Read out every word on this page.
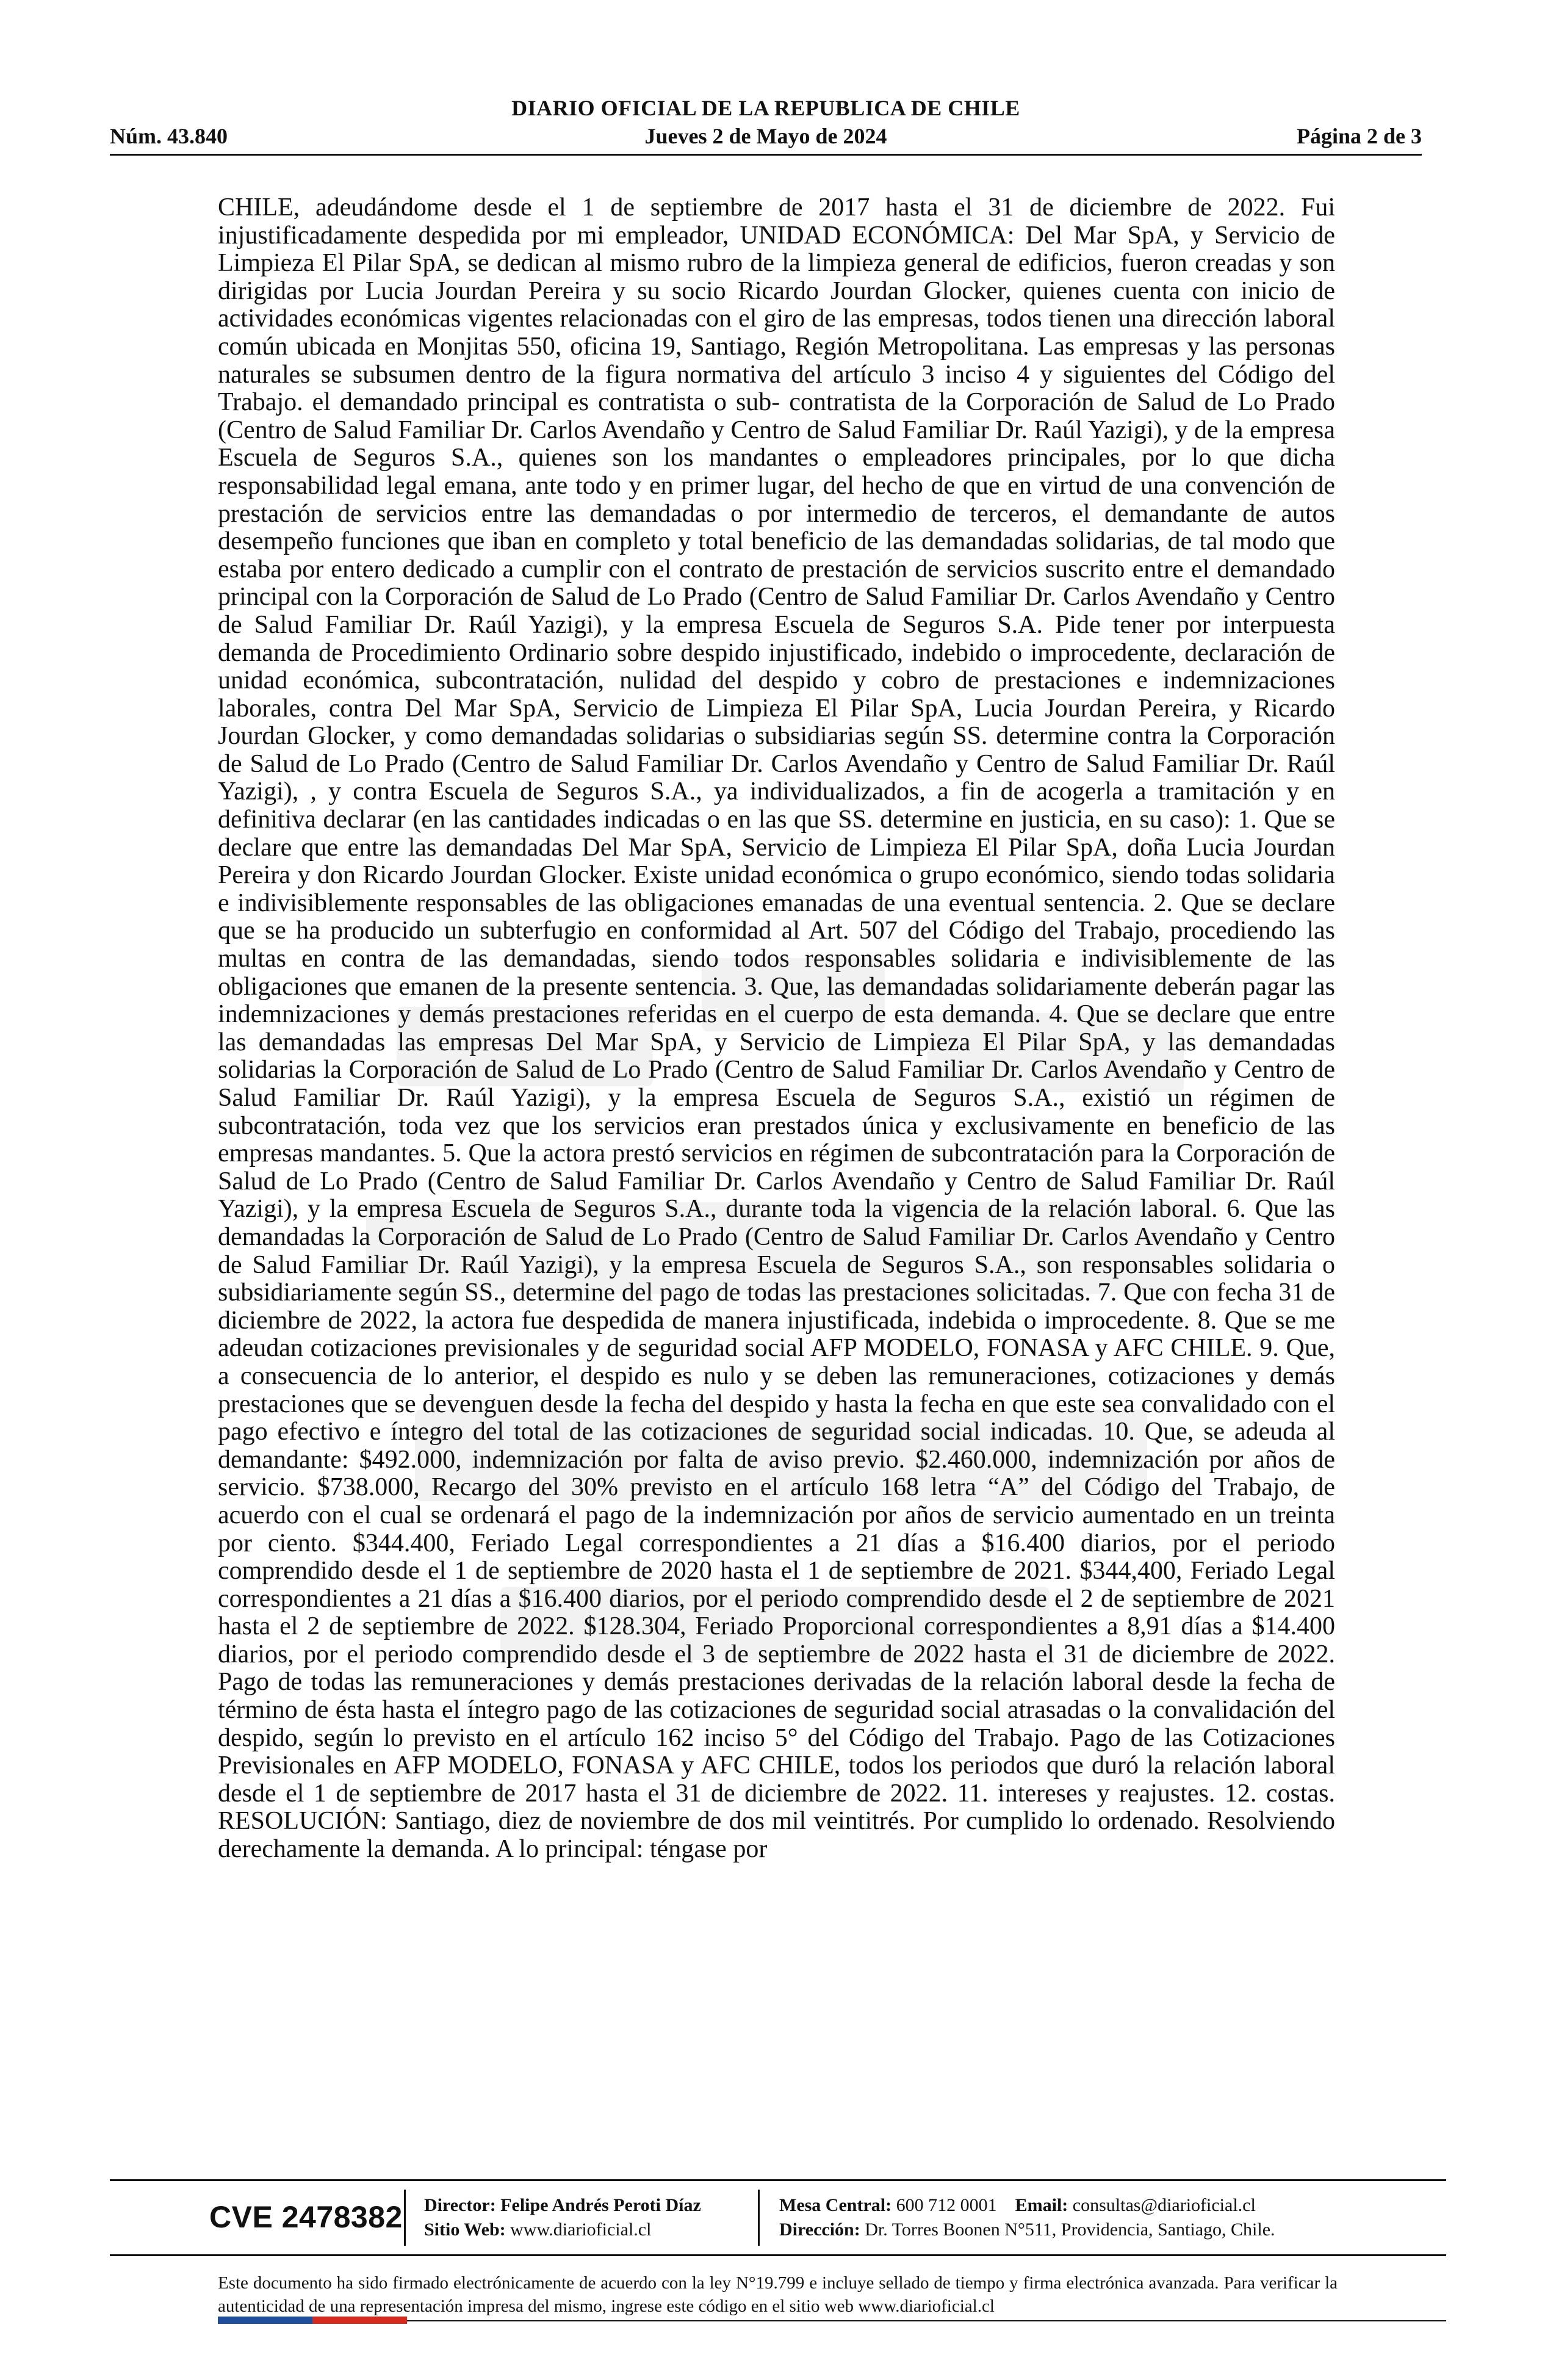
DIARIO OFICIAL DE LA REPUBLICA DE CHILE
Núm. 43.840	Jueves 2 de Mayo de 2024	Página 2 de 3
CHILE, adeudándome desde el 1 de septiembre de 2017 hasta el 31 de diciembre de 2022. Fui injustificadamente despedida por mi empleador, UNIDAD ECONÓMICA: Del Mar SpA, y Servicio de Limpieza El Pilar SpA, se dedican al mismo rubro de la limpieza general de edificios, fueron creadas y son dirigidas por Lucia Jourdan Pereira y su socio Ricardo Jourdan Glocker, quienes cuenta con inicio de actividades económicas vigentes relacionadas con el giro de las empresas, todos tienen una dirección laboral común ubicada en Monjitas 550, oficina 19, Santiago, Región Metropolitana. Las empresas y las personas naturales se subsumen dentro de la figura normativa del artículo 3 inciso 4 y siguientes del Código del Trabajo. el demandado principal es contratista o sub- contratista de la Corporación de Salud de Lo Prado (Centro de Salud Familiar Dr. Carlos Avendaño y Centro de Salud Familiar Dr. Raúl Yazigi), y de la empresa Escuela de Seguros S.A., quienes son los mandantes o empleadores principales, por lo que dicha responsabilidad legal emana, ante todo y en primer lugar, del hecho de que en virtud de una convención de prestación de servicios entre las demandadas o por intermedio de terceros, el demandante de autos desempeño funciones que iban en completo y total beneficio de las demandadas solidarias, de tal modo que estaba por entero dedicado a cumplir con el contrato de prestación de servicios suscrito entre el demandado principal con la Corporación de Salud de Lo Prado (Centro de Salud Familiar Dr. Carlos Avendaño y Centro de Salud Familiar Dr. Raúl Yazigi), y la empresa Escuela de Seguros S.A. Pide tener por interpuesta demanda de Procedimiento Ordinario sobre despido injustificado, indebido o improcedente, declaración de unidad económica, subcontratación, nulidad del despido y cobro de prestaciones e indemnizaciones laborales, contra Del Mar SpA, Servicio de Limpieza El Pilar SpA, Lucia Jourdan Pereira, y Ricardo Jourdan Glocker, y como demandadas solidarias o subsidiarias según SS. determine contra la Corporación de Salud de Lo Prado (Centro de Salud Familiar Dr. Carlos Avendaño y Centro de Salud Familiar Dr. Raúl Yazigi), , y contra Escuela de Seguros S.A., ya individualizados, a fin de acogerla a tramitación y en definitiva declarar (en las cantidades indicadas o en las que SS. determine en justicia, en su caso): 1. Que se declare que entre las demandadas Del Mar SpA, Servicio de Limpieza El Pilar SpA, doña Lucia Jourdan Pereira y don Ricardo Jourdan Glocker. Existe unidad económica o grupo económico, siendo todas solidaria e indivisiblemente responsables de las obligaciones emanadas de una eventual sentencia. 2. Que se declare que se ha producido un subterfugio en conformidad al Art. 507 del Código del Trabajo, procediendo las multas en contra de las demandadas, siendo todos responsables solidaria e indivisiblemente de las obligaciones que emanen de la presente sentencia. 3. Que, las demandadas solidariamente deberán pagar las indemnizaciones y demás prestaciones referidas en el cuerpo de esta demanda. 4. Que se declare que entre las demandadas las empresas Del Mar SpA, y Servicio de Limpieza El Pilar SpA, y las demandadas solidarias la Corporación de Salud de Lo Prado (Centro de Salud Familiar Dr. Carlos Avendaño y Centro de Salud Familiar Dr. Raúl Yazigi), y la empresa Escuela de Seguros S.A., existió un régimen de subcontratación, toda vez que los servicios eran prestados única y exclusivamente en beneficio de las empresas mandantes. 5. Que la actora prestó servicios en régimen de subcontratación para la Corporación de Salud de Lo Prado (Centro de Salud Familiar Dr. Carlos Avendaño y Centro de Salud Familiar Dr. Raúl Yazigi), y la empresa Escuela de Seguros S.A., durante toda la vigencia de la relación laboral. 6. Que las demandadas la Corporación de Salud de Lo Prado (Centro de Salud Familiar Dr. Carlos Avendaño y Centro de Salud Familiar Dr. Raúl Yazigi), y la empresa Escuela de Seguros S.A., son responsables solidaria o subsidiariamente según SS., determine del pago de todas las prestaciones solicitadas. 7. Que con fecha 31 de diciembre de 2022, la actora fue despedida de manera injustificada, indebida o improcedente. 8. Que se me adeudan cotizaciones previsionales y de seguridad social AFP MODELO, FONASA y AFC CHILE. 9. Que, a consecuencia de lo anterior, el despido es nulo y se deben las remuneraciones, cotizaciones y demás prestaciones que se devenguen desde la fecha del despido y hasta la fecha en que este sea convalidado con el pago efectivo e íntegro del total de las cotizaciones de seguridad social indicadas. 10. Que, se adeuda al demandante: $492.000, indemnización por falta de aviso previo. $2.460.000, indemnización por años de servicio. $738.000, Recargo del 30% previsto en el artículo 168 letra “A” del Código del Trabajo, de acuerdo con el cual se ordenará el pago de la indemnización por años de servicio aumentado en un treinta por ciento. $344.400, Feriado Legal correspondientes a 21 días a $16.400 diarios, por el periodo comprendido desde el 1 de septiembre de 2020 hasta el 1 de septiembre de 2021. $344,400, Feriado Legal correspondientes a 21 días a $16.400 diarios, por el periodo comprendido desde el 2 de septiembre de 2021 hasta el 2 de septiembre de 2022. $128.304, Feriado Proporcional correspondientes a 8,91 días a $14.400 diarios, por el periodo comprendido desde el 3 de septiembre de 2022 hasta el 31 de diciembre de 2022. Pago de todas las remuneraciones y demás prestaciones derivadas de la relación laboral desde la fecha de término de ésta hasta el íntegro pago de las cotizaciones de seguridad social atrasadas o la convalidación del despido, según lo previsto en el artículo 162 inciso 5° del Código del Trabajo. Pago de las Cotizaciones Previsionales en AFP MODELO, FONASA y AFC CHILE, todos los periodos que duró la relación laboral desde el 1 de septiembre de 2017 hasta el 31 de diciembre de 2022. 11. intereses y reajustes. 12. costas. RESOLUCIÓN: Santiago, diez de noviembre de dos mil veintitrés. Por cumplido lo ordenado. Resolviendo derechamente la demanda. A lo principal: téngase por
CVE 2478382 Director: Felipe Andrés Peroti Díaz
Sitio Web: www.diarioficial.cl
Mesa Central: 600 712 0001 Email: consultas@diarioficial.cl
Dirección: Dr. Torres Boonen N°511, Providencia, Santiago, Chile.
Este documento ha sido firmado electrónicamente de acuerdo con la ley N°19.799 e incluye sellado de tiempo y firma electrónica avanzada. Para verificar la autenticidad de una representación impresa del mismo, ingrese este código en el sitio web www.diarioficial.cl
